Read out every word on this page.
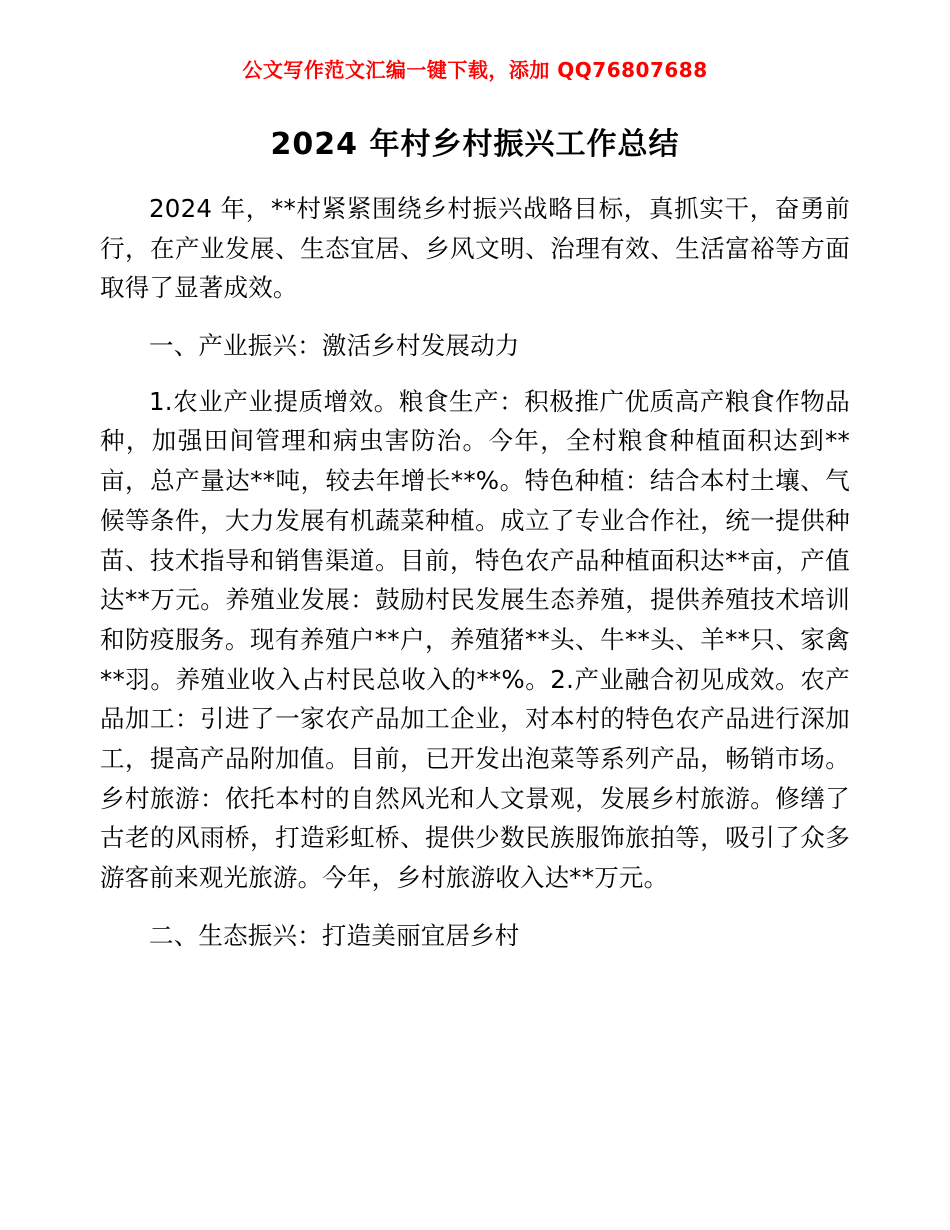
公文写作范文汇编一键下载，添加 QQ76807688
2024 年村乡村振兴工作总结

2024 年，**村紧紧围绕乡村振兴战略目标，真抓实干，奋勇前行，在产业发展、生态宜居、乡风文明、治理有效、生活富裕等方面取得了显著成效。

一、产业振兴：激活乡村发展动力

1.农业产业提质增效。粮食生产：积极推广优质高产粮食作物品种，加强田间管理和病虫害防治。今年，全村粮食种植面积达到**亩，总产量达**吨，较去年增长**%。特色种植：结合本村土壤、气候等条件，大力发展有机蔬菜种植。成立了专业合作社，统一提供种苗、技术指导和销售渠道。目前，特色农产品种植面积达**亩，产值达**万元。养殖业发展：鼓励村民发展生态养殖，提供养殖技术培训和防疫服务。现有养殖户**户，养殖猪**头、牛**头、羊**只、家禽**羽。养殖业收入占村民总收入的**%。2.产业融合初见成效。农产品加工：引进了一家农产品加工企业，对本村的特色农产品进行深加工，提高产品附加值。目前，已开发出泡菜等系列产品，畅销市场。乡村旅游：依托本村的自然风光和人文景观，发展乡村旅游。修缮了古老的风雨桥，打造彩虹桥、提供少数民族服饰旅拍等，吸引了众多游客前来观光旅游。今年，乡村旅游收入达**万元。

二、生态振兴：打造美丽宜居乡村
